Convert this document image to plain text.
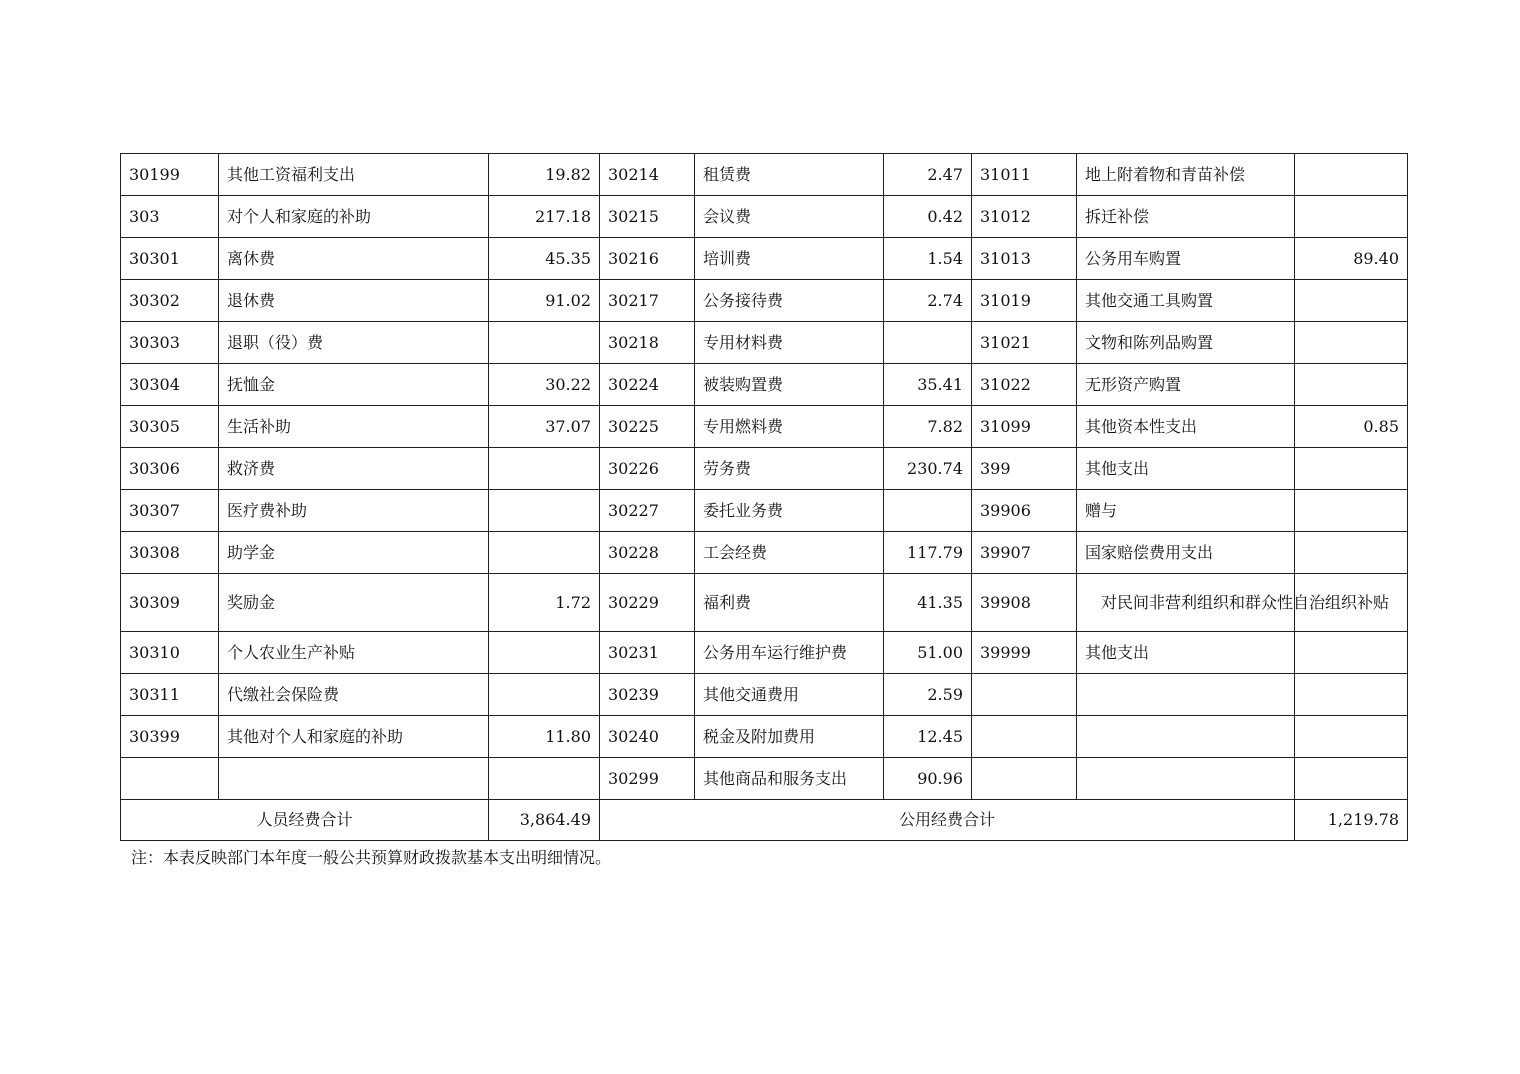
30199	其他工资福利支出	19.82	30214	租赁费	2.47	31011	地上附着物和青苗补偿	
303	对个人和家庭的补助	217.18	30215	会议费	0.42	31012	拆迁补偿	
30301	离休费	45.35	30216	培训费	1.54	31013	公务用车购置	89.40
30302	退休费	91.02	30217	公务接待费	2.74	31019	其他交通工具购置	
30303	退职（役）费		30218	专用材料费		31021	文物和陈列品购置	
30304	抚恤金	30.22	30224	被装购置费	35.41	31022	无形资产购置	
30305	生活补助	37.07	30225	专用燃料费	7.82	31099	其他资本性支出	0.85
30306	救济费		30226	劳务费	230.74	399	其他支出	
30307	医疗费补助		30227	委托业务费		39906	赠与	
30308	助学金		30228	工会经费	117.79	39907	国家赔偿费用支出	
30309	奖励金	1.72	30229	福利费	41.35	39908	对民间非营利组织和群众性自治组织补贴	
30310	个人农业生产补贴		30231	公务用车运行维护费	51.00	39999	其他支出	
30311	代缴社会保险费		30239	其他交通费用	2.59			
30399	其他对个人和家庭的补助	11.80	30240	税金及附加费用	12.45			
			30299	其他商品和服务支出	90.96			
人员经费合计		3,864.49	公用经费合计					1,219.78
注：本表反映部门本年度一般公共预算财政拨款基本支出明细情况。
